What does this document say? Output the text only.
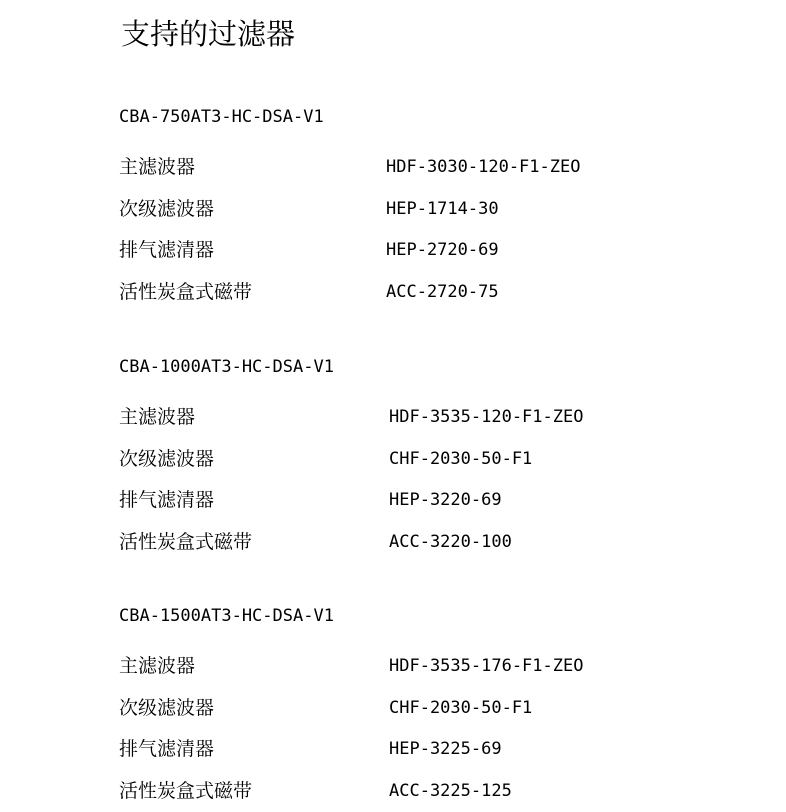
支持的过滤器
CBA-750AT3-HC-DSA-V1
主滤波器	HDF-3030-120-F1-ZEO
次级滤波器	HEP-1714-30
排气滤清器	HEP-2720-69
活性炭盒式磁带	ACC-2720-75
CBA-1000AT3-HC-DSA-V1
主滤波器	HDF-3535-120-F1-ZEO
次级滤波器	CHF-2030-50-F1
排气滤清器	HEP-3220-69
活性炭盒式磁带	ACC-3220-100
CBA-1500AT3-HC-DSA-V1
主滤波器	HDF-3535-176-F1-ZEO
次级滤波器	CHF-2030-50-F1
排气滤清器	HEP-3225-69
活性炭盒式磁带	ACC-3225-125
